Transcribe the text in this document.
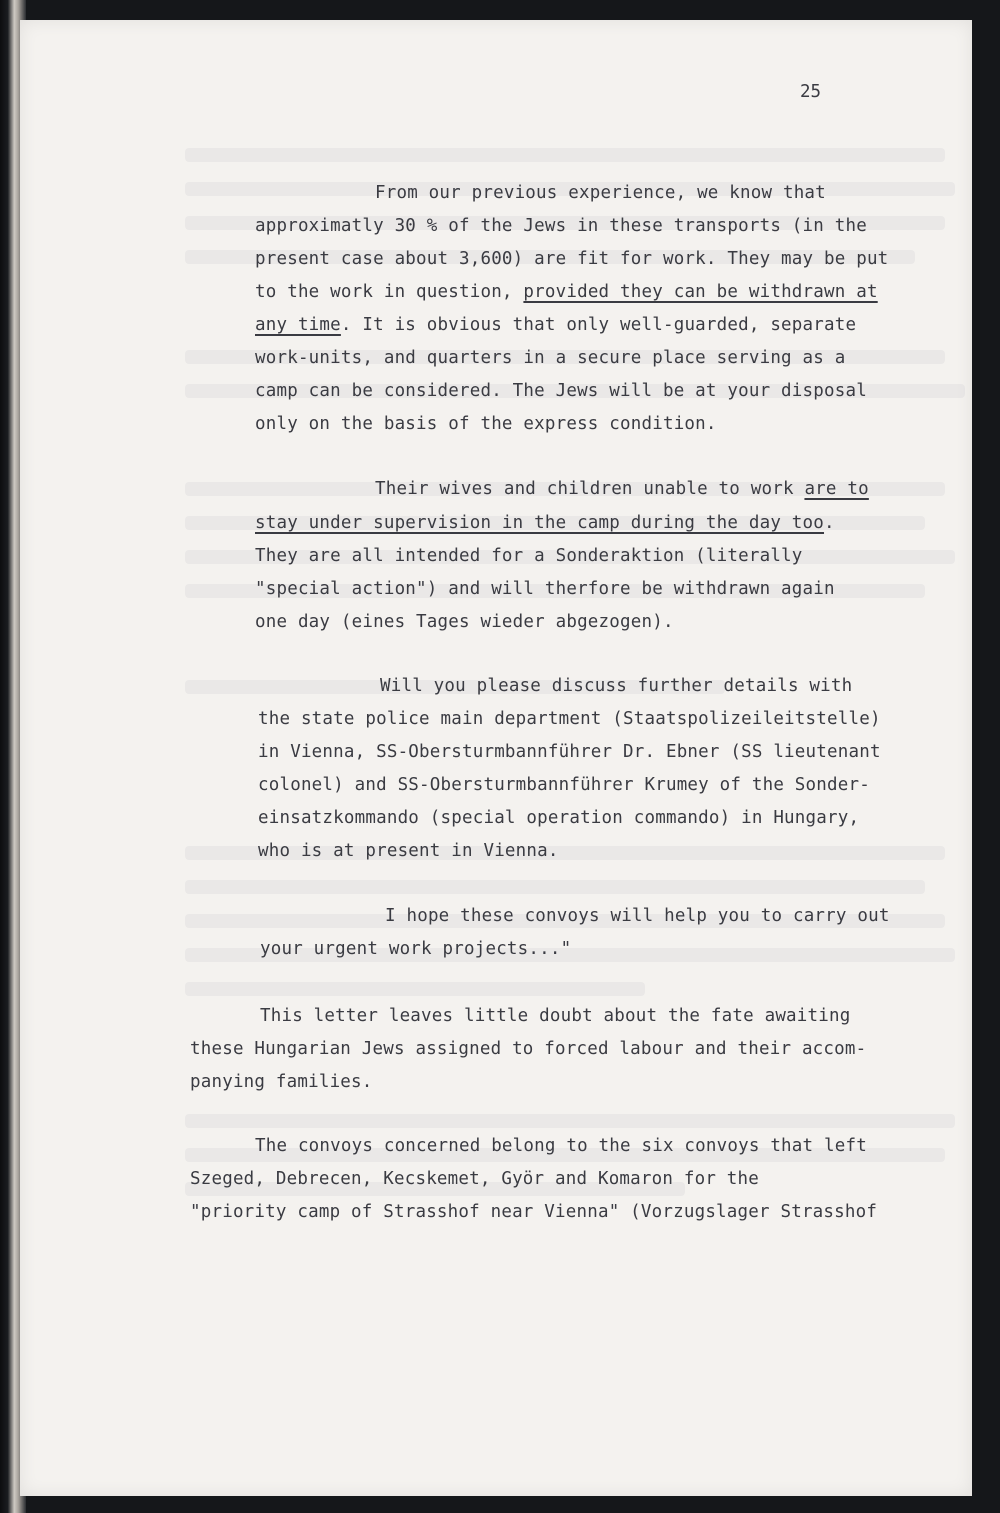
25
From our previous experience, we know that
approximatly 30 % of the Jews in these transports (in the
present case about 3,600) are fit for work. They may be put
to the work in question, provided they can be withdrawn at
any time. It is obvious that only well-guarded, separate
work-units, and quarters in a secure place serving as a
camp can be considered. The Jews will be at your disposal
only on the basis of the express condition.
Their wives and children unable to work are to
stay under supervision in the camp during the day too.
They are all intended for a Sonderaktion (literally
"special action") and will therfore be withdrawn again
one day (eines Tages wieder abgezogen).
Will you please discuss further details with
the state police main department (Staatspolizeileitstelle)
in Vienna, SS-Obersturmbannführer Dr. Ebner (SS lieutenant
colonel) and SS-Obersturmbannführer Krumey of the Sonder-
einsatzkommando (special operation commando) in Hungary,
who is at present in Vienna.
I hope these convoys will help you to carry out
your urgent work projects..."
This letter leaves little doubt about the fate awaiting
these Hungarian Jews assigned to forced labour and their accom-
panying families.
The convoys concerned belong to the six convoys that left
Szeged, Debrecen, Kecskemet, Györ and Komaron for the
"priority camp of Strasshof near Vienna" (Vorzugslager Strasshof
